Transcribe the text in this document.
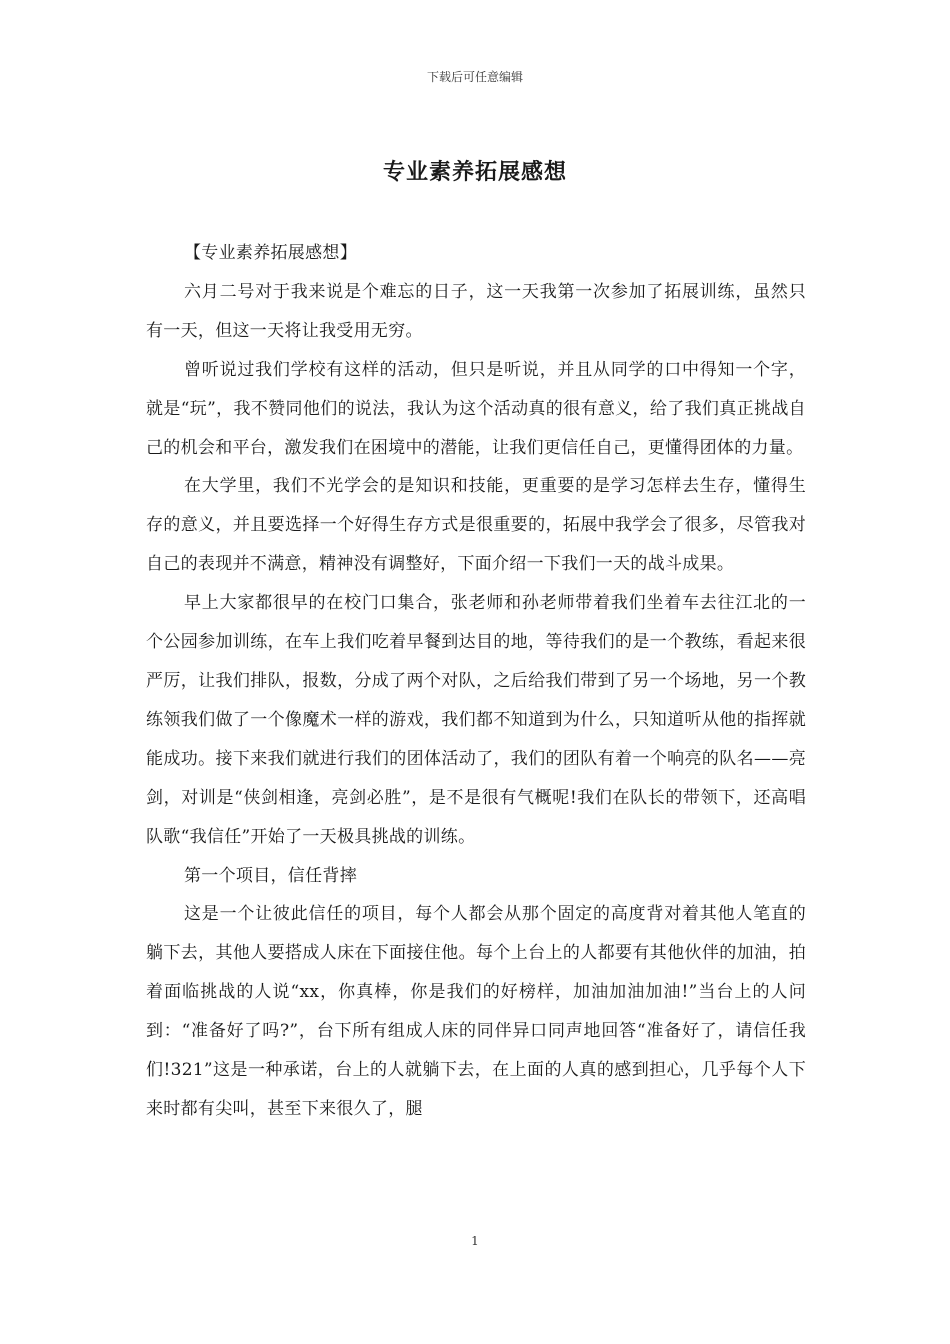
下载后可任意编辑
专业素养拓展感想

【专业素养拓展感想】

六月二号对于我来说是个难忘的日子，这一天我第一次参加了拓展训练，虽然只有一天，但这一天将让我受用无穷。

曾听说过我们学校有这样的活动，但只是听说，并且从同学的口中得知一个字，就是“玩”，我不赞同他们的说法，我认为这个活动真的很有意义，给了我们真正挑战自己的机会和平台，激发我们在困境中的潜能，让我们更信任自己，更懂得团体的力量。

在大学里，我们不光学会的是知识和技能，更重要的是学习怎样去生存，懂得生存的意义，并且要选择一个好得生存方式是很重要的，拓展中我学会了很多，尽管我对自己的表现并不满意，精神没有调整好，下面介绍一下我们一天的战斗成果。

早上大家都很早的在校门口集合，张老师和孙老师带着我们坐着车去往江北的一个公园参加训练，在车上我们吃着早餐到达目的地，等待我们的是一个教练，看起来很严厉，让我们排队，报数，分成了两个对队，之后给我们带到了另一个场地，另一个教练领我们做了一个像魔术一样的游戏，我们都不知道到为什么，只知道听从他的指挥就能成功。接下来我们就进行我们的团体活动了，我们的团队有着一个响亮的队名——亮剑，对训是“侠剑相逢，亮剑必胜”，是不是很有气概呢!我们在队长的带领下，还高唱队歌“我信任”开始了一天极具挑战的训练。

第一个项目，信任背摔

这是一个让彼此信任的项目，每个人都会从那个固定的高度背对着其他人笔直的躺下去，其他人要搭成人床在下面接住他。每个上台上的人都要有其他伙伴的加油，拍着面临挑战的人说“xx，你真棒，你是我们的好榜样，加油加油加油!”当台上的人问到：“准备好了吗?”，台下所有组成人床的同伴异口同声地回答“准备好了，请信任我们!321”这是一种承诺，台上的人就躺下去，在上面的人真的感到担心，几乎每个人下来时都有尖叫，甚至下来很久了，腿

1
